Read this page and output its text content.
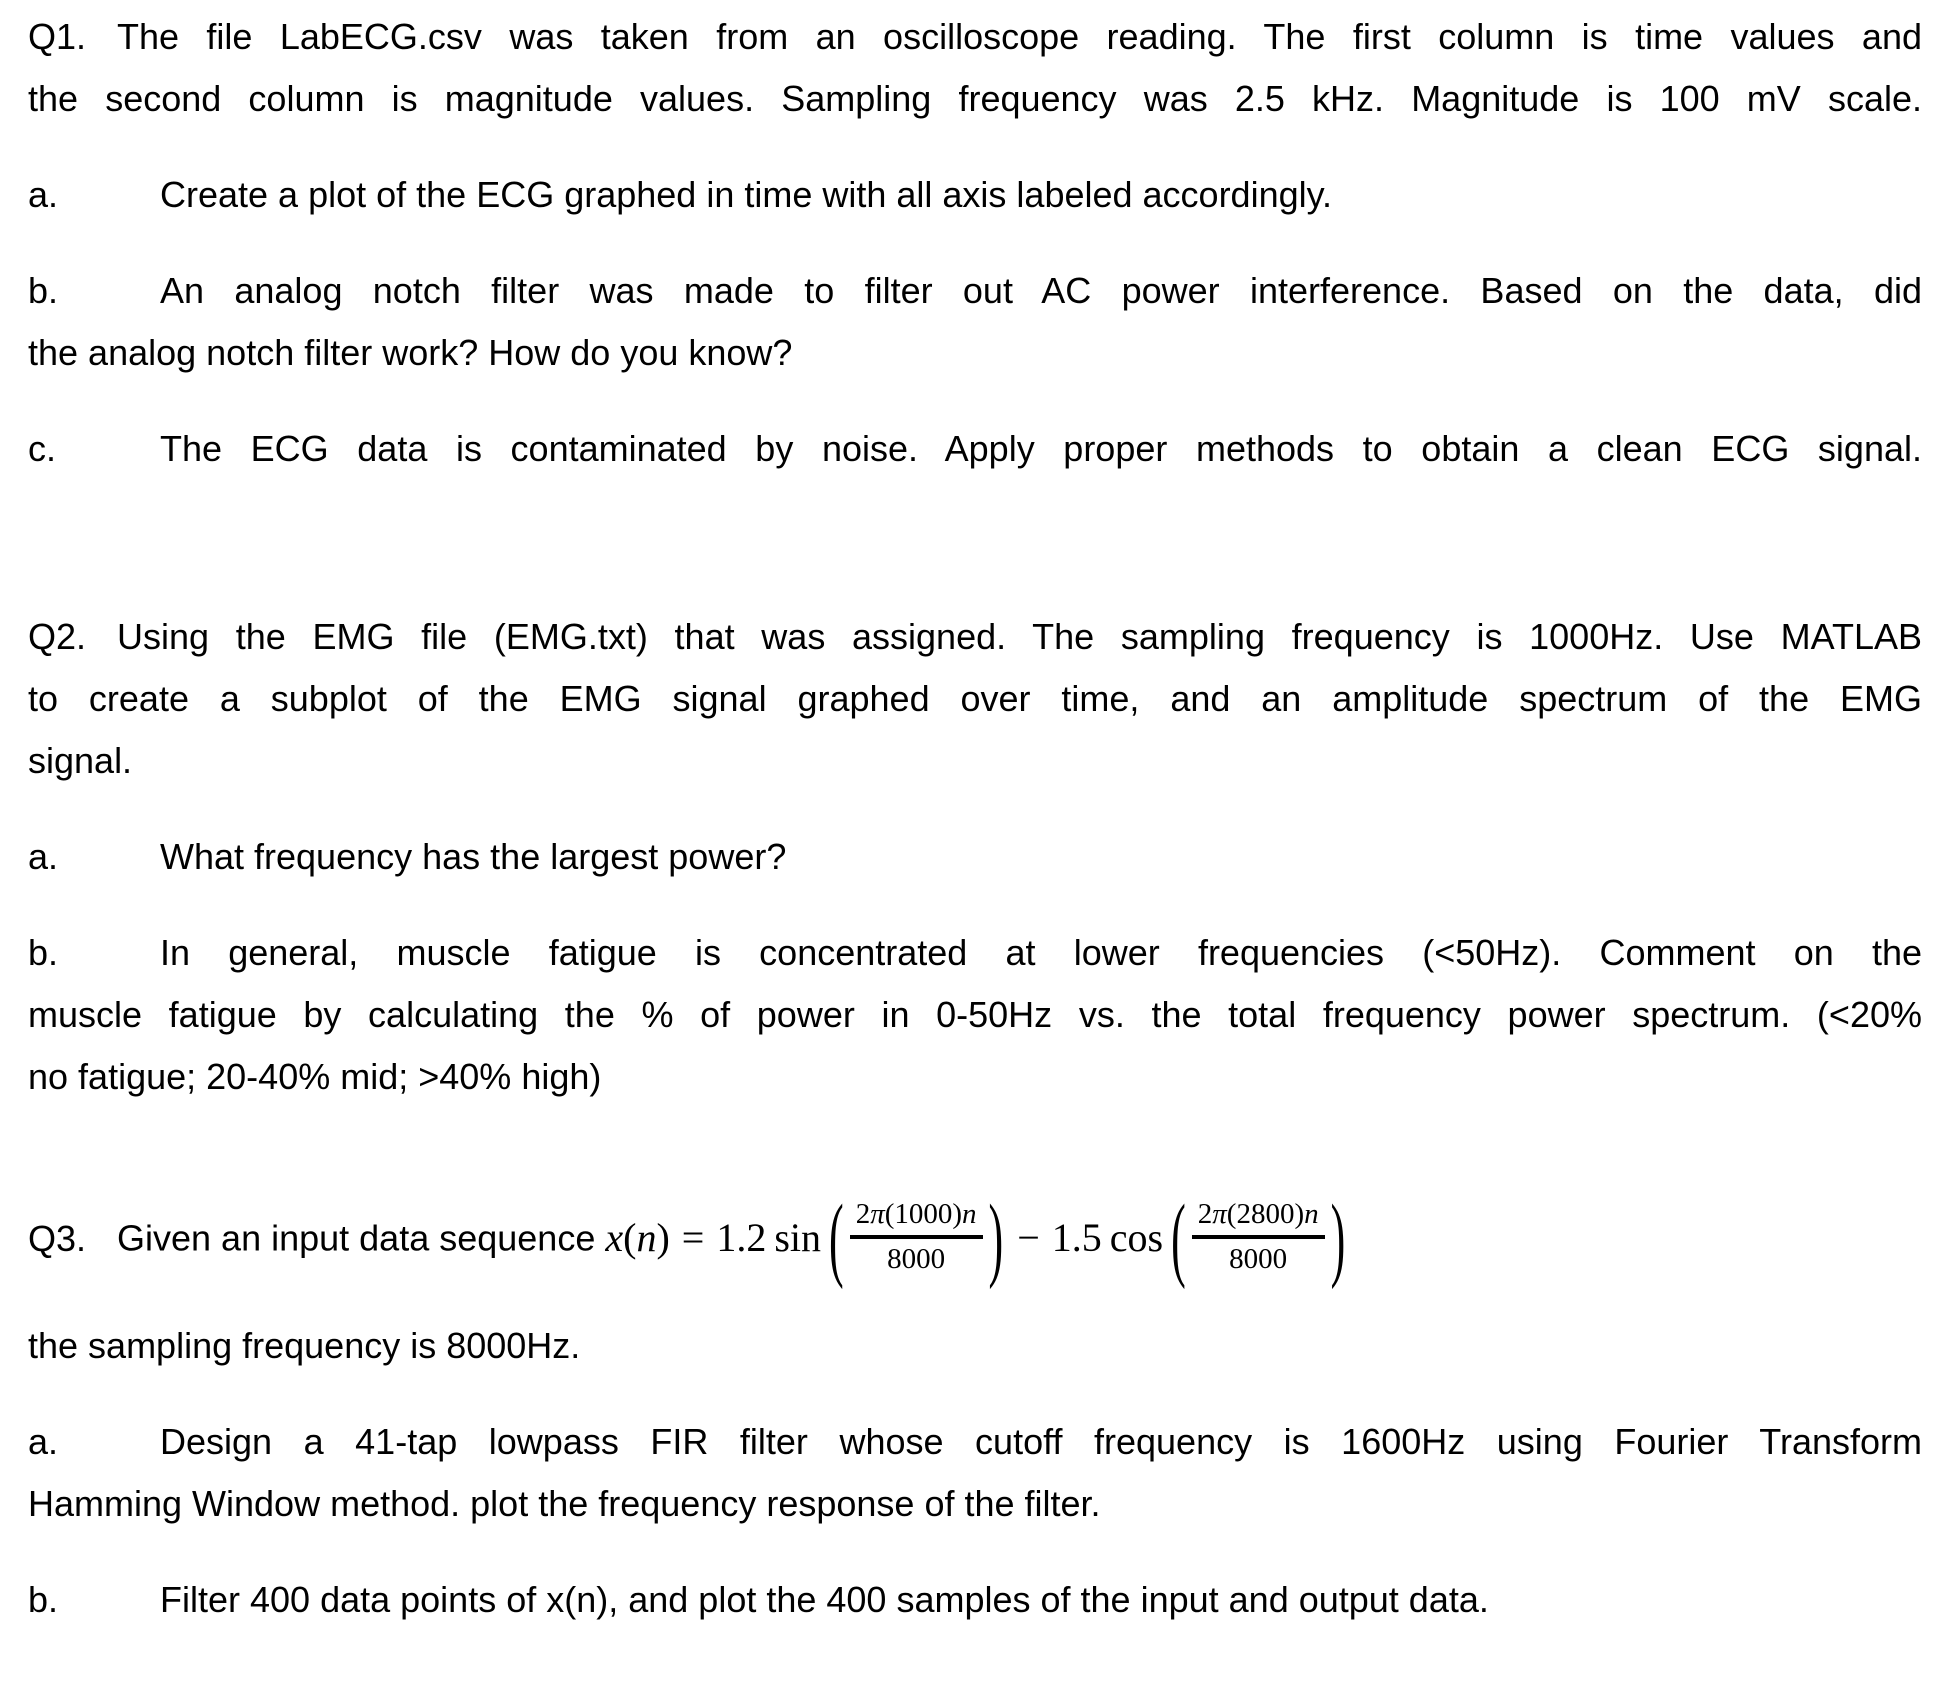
Q1. The file LabECG.csv was taken from an oscilloscope reading. The first column is time values and
the second column is magnitude values. Sampling frequency was 2.5 kHz. Magnitude is 100 mV scale.
a.	Create a plot of the ECG graphed in time with all axis labeled accordingly.
b.	An analog notch filter was made to filter out AC power interference. Based on the data, did
the analog notch filter work? How do you know?
c.	The ECG data is contaminated by noise. Apply proper methods to obtain a clean ECG signal.
Q2. Using the EMG file (EMG.txt) that was assigned. The sampling frequency is 1000Hz. Use MATLAB
to create a subplot of the EMG signal graphed over time, and an amplitude spectrum of the EMG
signal.
a.	What frequency has the largest power?
b.	In general, muscle fatigue is concentrated at lower frequencies (<50Hz). Comment on the
muscle fatigue by calculating the % of power in 0-50Hz vs. the total frequency power spectrum. (<20%
no fatigue; 20-40% mid; >40% high)
Q3. Given an input data sequence x(n) = 1.2 sin ( $\frac{2\pi(1000)n}{8000}$ ) − 1.5 cos ( $\frac{2\pi(2800)n}{8000}$ )
the sampling frequency is 8000Hz.
a.	Design a 41-tap lowpass FIR filter whose cutoff frequency is 1600Hz using Fourier Transform
Hamming Window method. plot the frequency response of the filter.
b.	Filter 400 data points of x(n), and plot the 400 samples of the input and output data.
